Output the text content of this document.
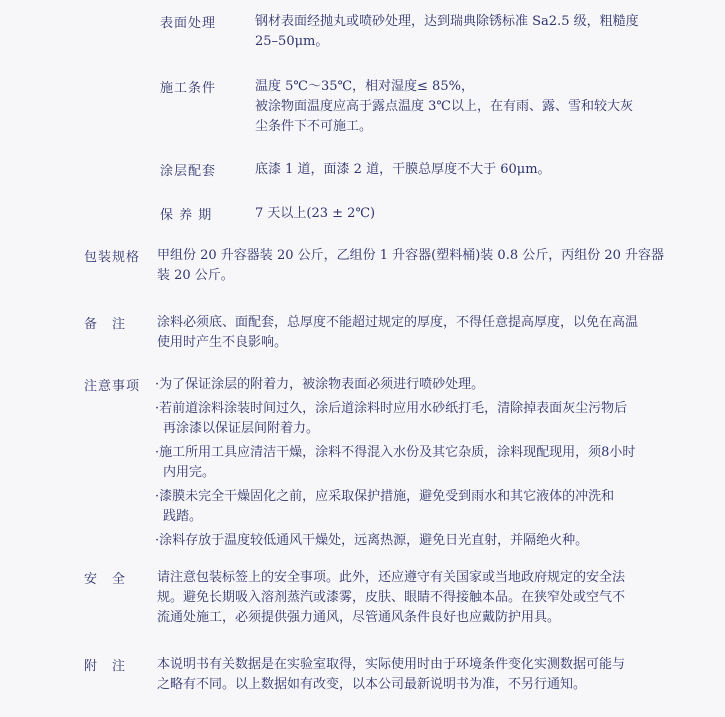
表面处理	钢材表面经抛丸或喷砂处理，达到瑞典除锈标准 Sa2.5 级，粗糙度
25–50μm。
施工条件	温度 5℃～35℃，相对湿度≤ 85%，
被涂物面温度应高于露点温度 3℃以上，在有雨、露、雪和较大灰
尘条件下不可施工。
涂层配套	底漆 1 道，面漆 2 道，干膜总厚度不大于 60μm。
保 养 期	7 天以上(23 ± 2℃)
包装规格 甲组份 20 升容器装 20 公斤，乙组份 1 升容器(塑料桶)装 0.8 公斤，丙组份 20 升容器
装 20 公斤。
备　注 涂料必须底、面配套，总厚度不能超过规定的厚度，不得任意提高厚度，以免在高温
使用时产生不良影响。
注意事项 ·为了保证涂层的附着力，被涂物表面必须进行喷砂处理。
·若前道涂料涂装时间过久，涂后道涂料时应用水砂纸打毛，清除掉表面灰尘污物后
再涂漆以保证层间附着力。
·施工所用工具应清洁干燥，涂料不得混入水份及其它杂质，涂料现配现用，须8小时
内用完。
·漆膜未完全干燥固化之前，应采取保护措施，避免受到雨水和其它液体的冲洗和
践踏。
·涂料存放于温度较低通风干燥处，远离热源，避免日光直射，并隔绝火种。
安　全 请注意包装标签上的安全事项。此外，还应遵守有关国家或当地政府规定的安全法
规。避免长期吸入溶剂蒸汽或漆雾，皮肤、眼睛不得接触本品。在狭窄处或空气不
流通处施工，必须提供强力通风，尽管通风条件良好也应戴防护用具。
附　注 本说明书有关数据是在实验室取得，实际使用时由于环境条件变化实测数据可能与
之略有不同。以上数据如有改变，以本公司最新说明书为准，不另行通知。
